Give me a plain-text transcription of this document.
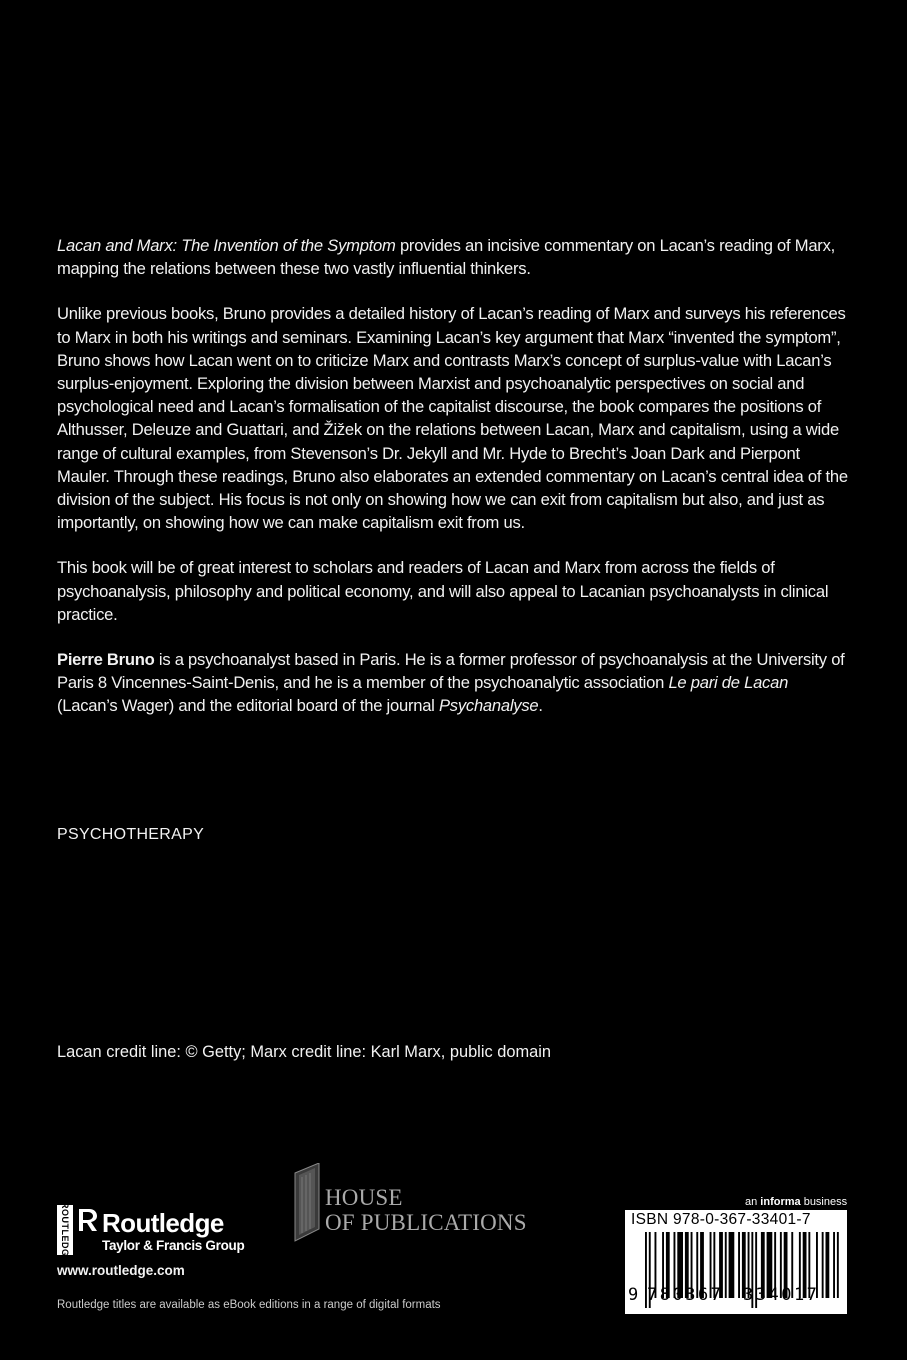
Lacan and Marx: The Invention of the Symptom provides an incisive commentary on Lacan’s reading of Marx, mapping the relations between these two vastly influential thinkers.

Unlike previous books, Bruno provides a detailed history of Lacan’s reading of Marx and surveys his references to Marx in both his writings and seminars. Examining Lacan’s key argument that Marx “invented the symptom”, Bruno shows how Lacan went on to criticize Marx and contrasts Marx’s concept of surplus-value with Lacan’s surplus-enjoyment. Exploring the division between Marxist and psychoanalytic perspectives on social and psychological need and Lacan’s formalisation of the capitalist discourse, the book compares the positions of Althusser, Deleuze and Guattari, and Žižek on the relations between Lacan, Marx and capitalism, using a wide range of cultural examples, from Stevenson’s Dr. Jekyll and Mr. Hyde to Brecht’s Joan Dark and Pierpont Mauler. Through these readings, Bruno also elaborates an extended commentary on Lacan’s central idea of the division of the subject. His focus is not only on showing how we can exit from capitalism but also, and just as importantly, on showing how we can make capitalism exit from us.

This book will be of great interest to scholars and readers of Lacan and Marx from across the fields of psychoanalysis, philosophy and political economy, and will also appeal to Lacanian psychoanalysts in clinical practice.

Pierre Bruno is a psychoanalyst based in Paris. He is a former professor of psychoanalysis at the University of Paris 8 Vincennes-Saint-Denis, and he is a member of the psychoanalytic association Le pari de Lacan (Lacan’s Wager) and the editorial board of the journal Psychanalyse.

PSYCHOTHERAPY
Lacan credit line: © Getty; Marx credit line: Karl Marx, public domain
ROUTLEDGE Routledge
Taylor & Francis Group
www.routledge.com
Routledge titles are available as eBook editions in a range of digital formats
HOUSE
OF PUBLICATIONS
an informa business
ISBN 978-0-367-33401-7
9 780367 334017
